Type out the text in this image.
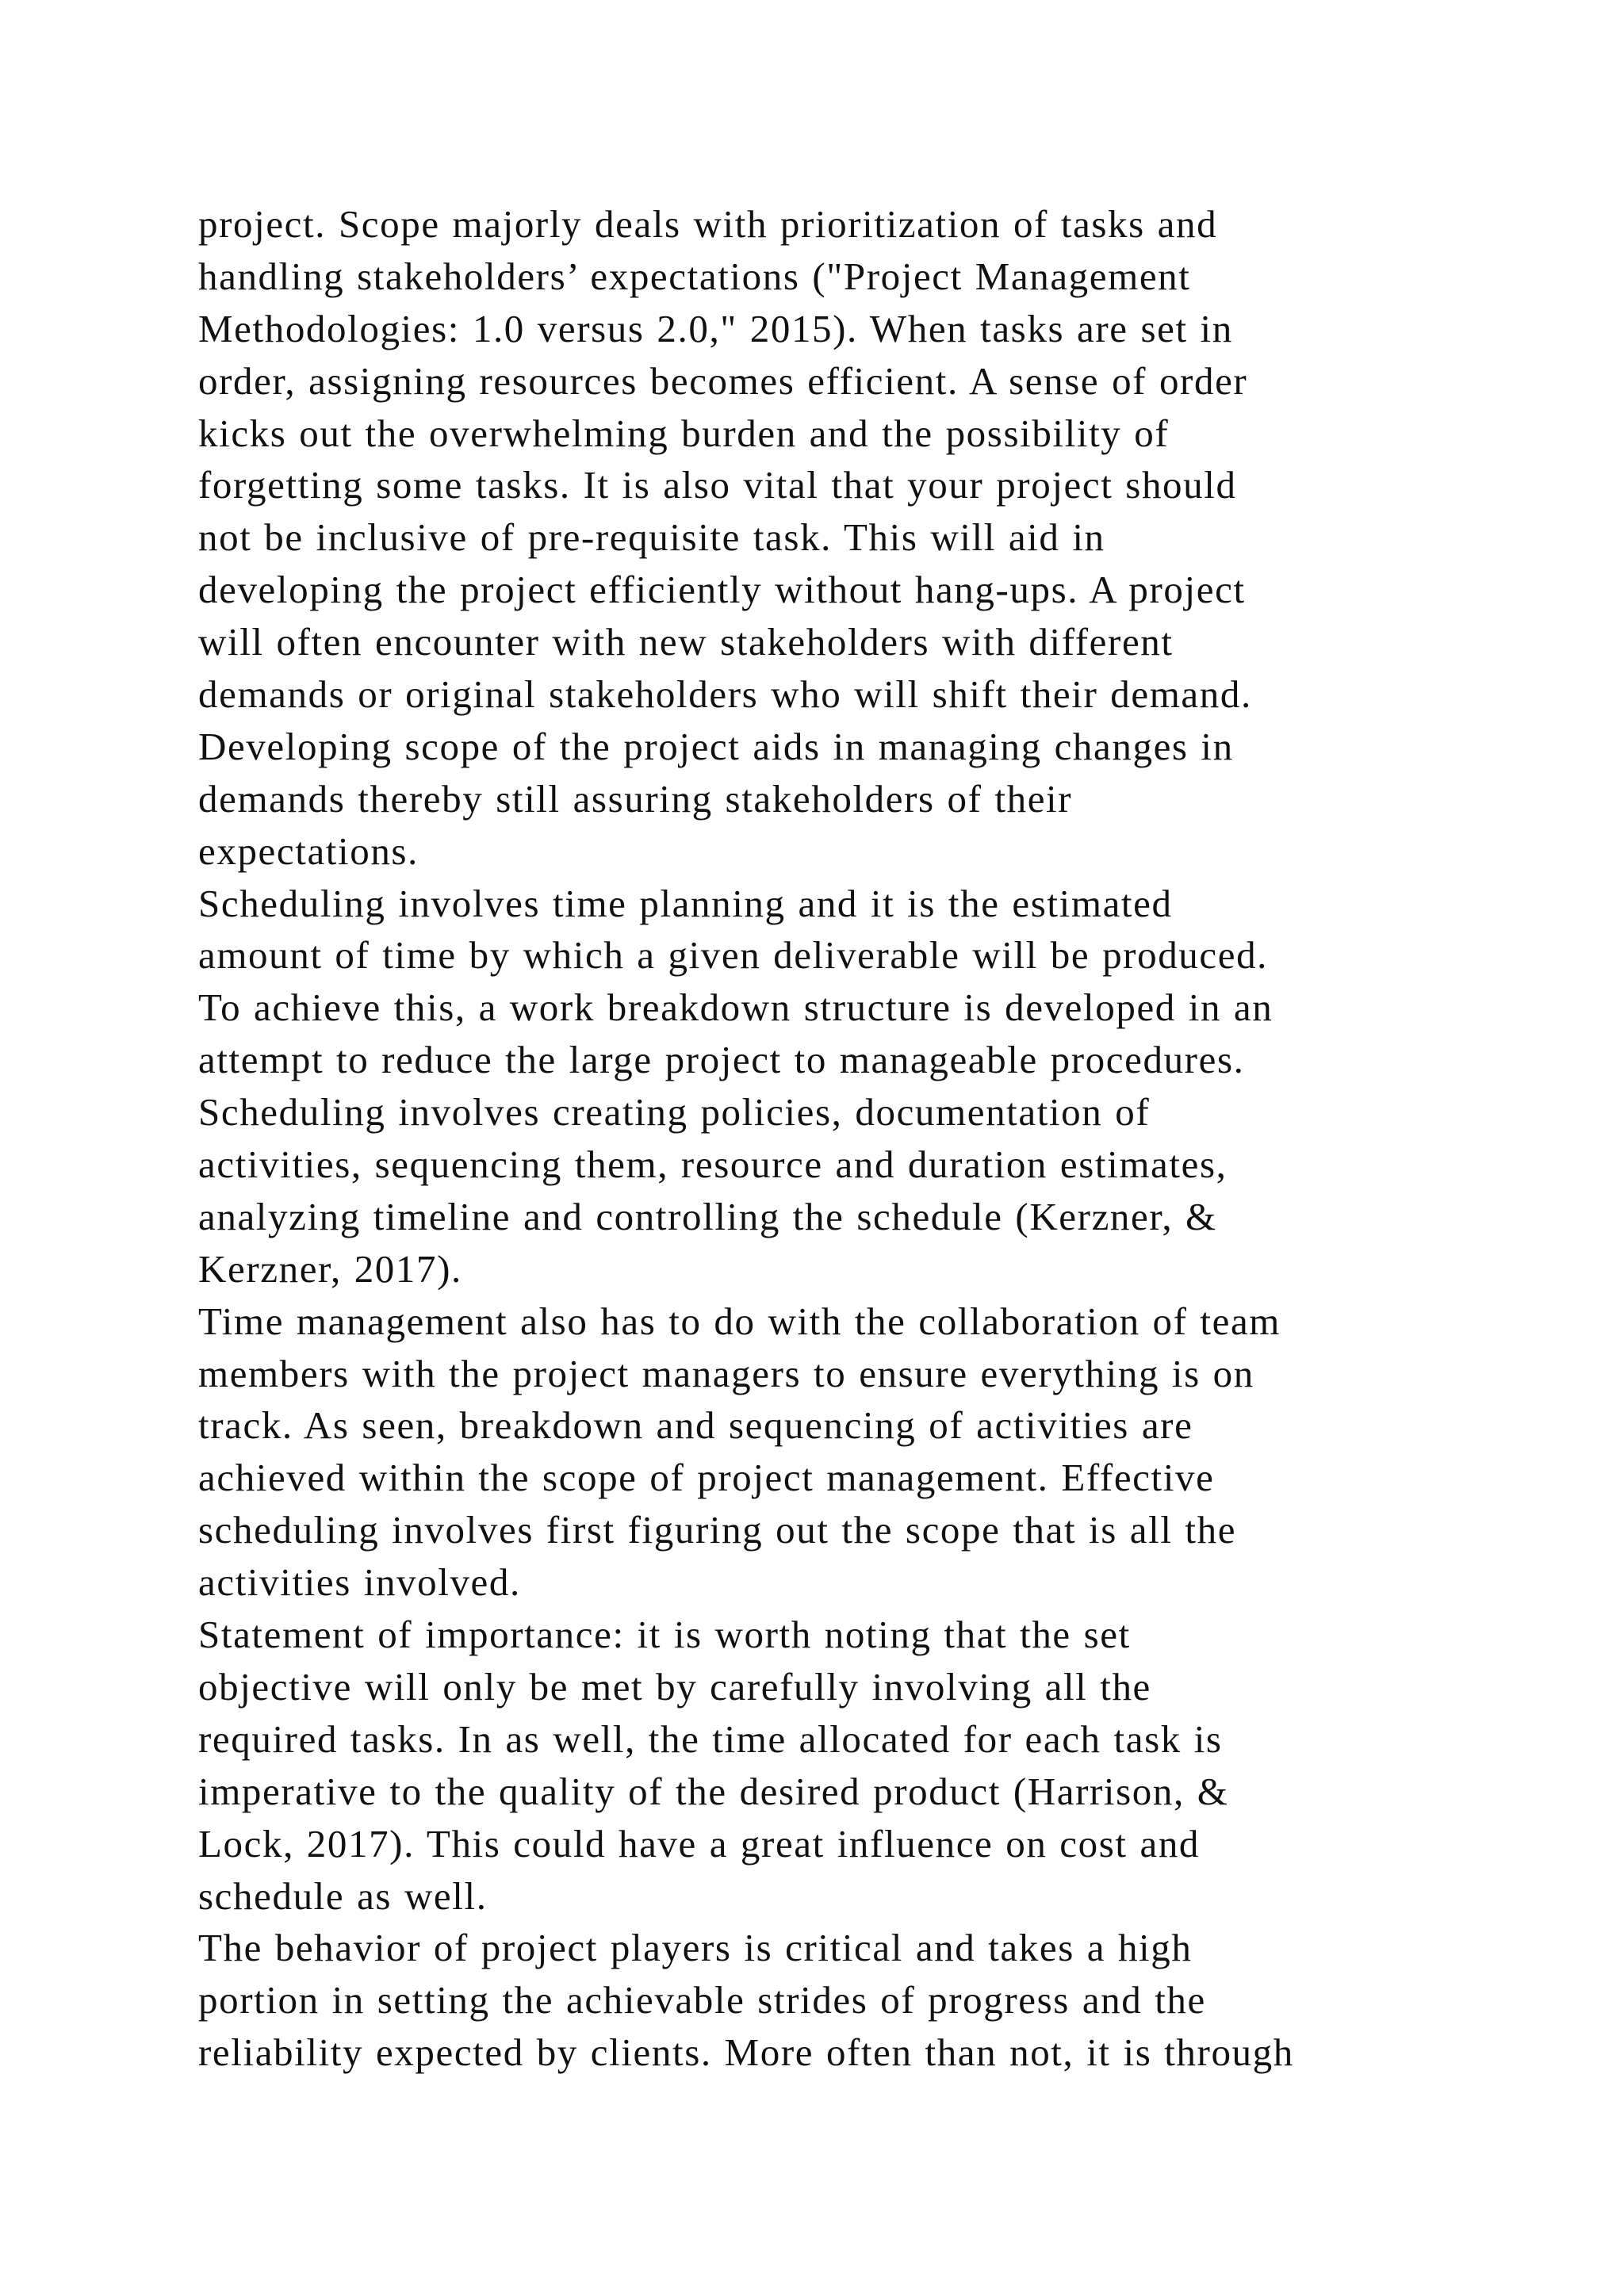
project. Scope majorly deals with prioritization of tasks and
handling stakeholders’ expectations ("Project Management
Methodologies: 1.0 versus 2.0," 2015). When tasks are set in
order, assigning resources becomes efficient. A sense of order
kicks out the overwhelming burden and the possibility of
forgetting some tasks. It is also vital that your project should
not be inclusive of pre-requisite task. This will aid in
developing the project efficiently without hang-ups. A project
will often encounter with new stakeholders with different
demands or original stakeholders who will shift their demand.
Developing scope of the project aids in managing changes in
demands thereby still assuring stakeholders of their
expectations.
Scheduling involves time planning and it is the estimated
amount of time by which a given deliverable will be produced.
To achieve this, a work breakdown structure is developed in an
attempt to reduce the large project to manageable procedures.
Scheduling involves creating policies, documentation of
activities, sequencing them, resource and duration estimates,
analyzing timeline and controlling the schedule (Kerzner, &
Kerzner, 2017).
Time management also has to do with the collaboration of team
members with the project managers to ensure everything is on
track. As seen, breakdown and sequencing of activities are
achieved within the scope of project management. Effective
scheduling involves first figuring out the scope that is all the
activities involved.
Statement of importance: it is worth noting that the set
objective will only be met by carefully involving all the
required tasks. In as well, the time allocated for each task is
imperative to the quality of the desired product (Harrison, &
Lock, 2017). This could have a great influence on cost and
schedule as well.
The behavior of project players is critical and takes a high
portion in setting the achievable strides of progress and the
reliability expected by clients. More often than not, it is through
